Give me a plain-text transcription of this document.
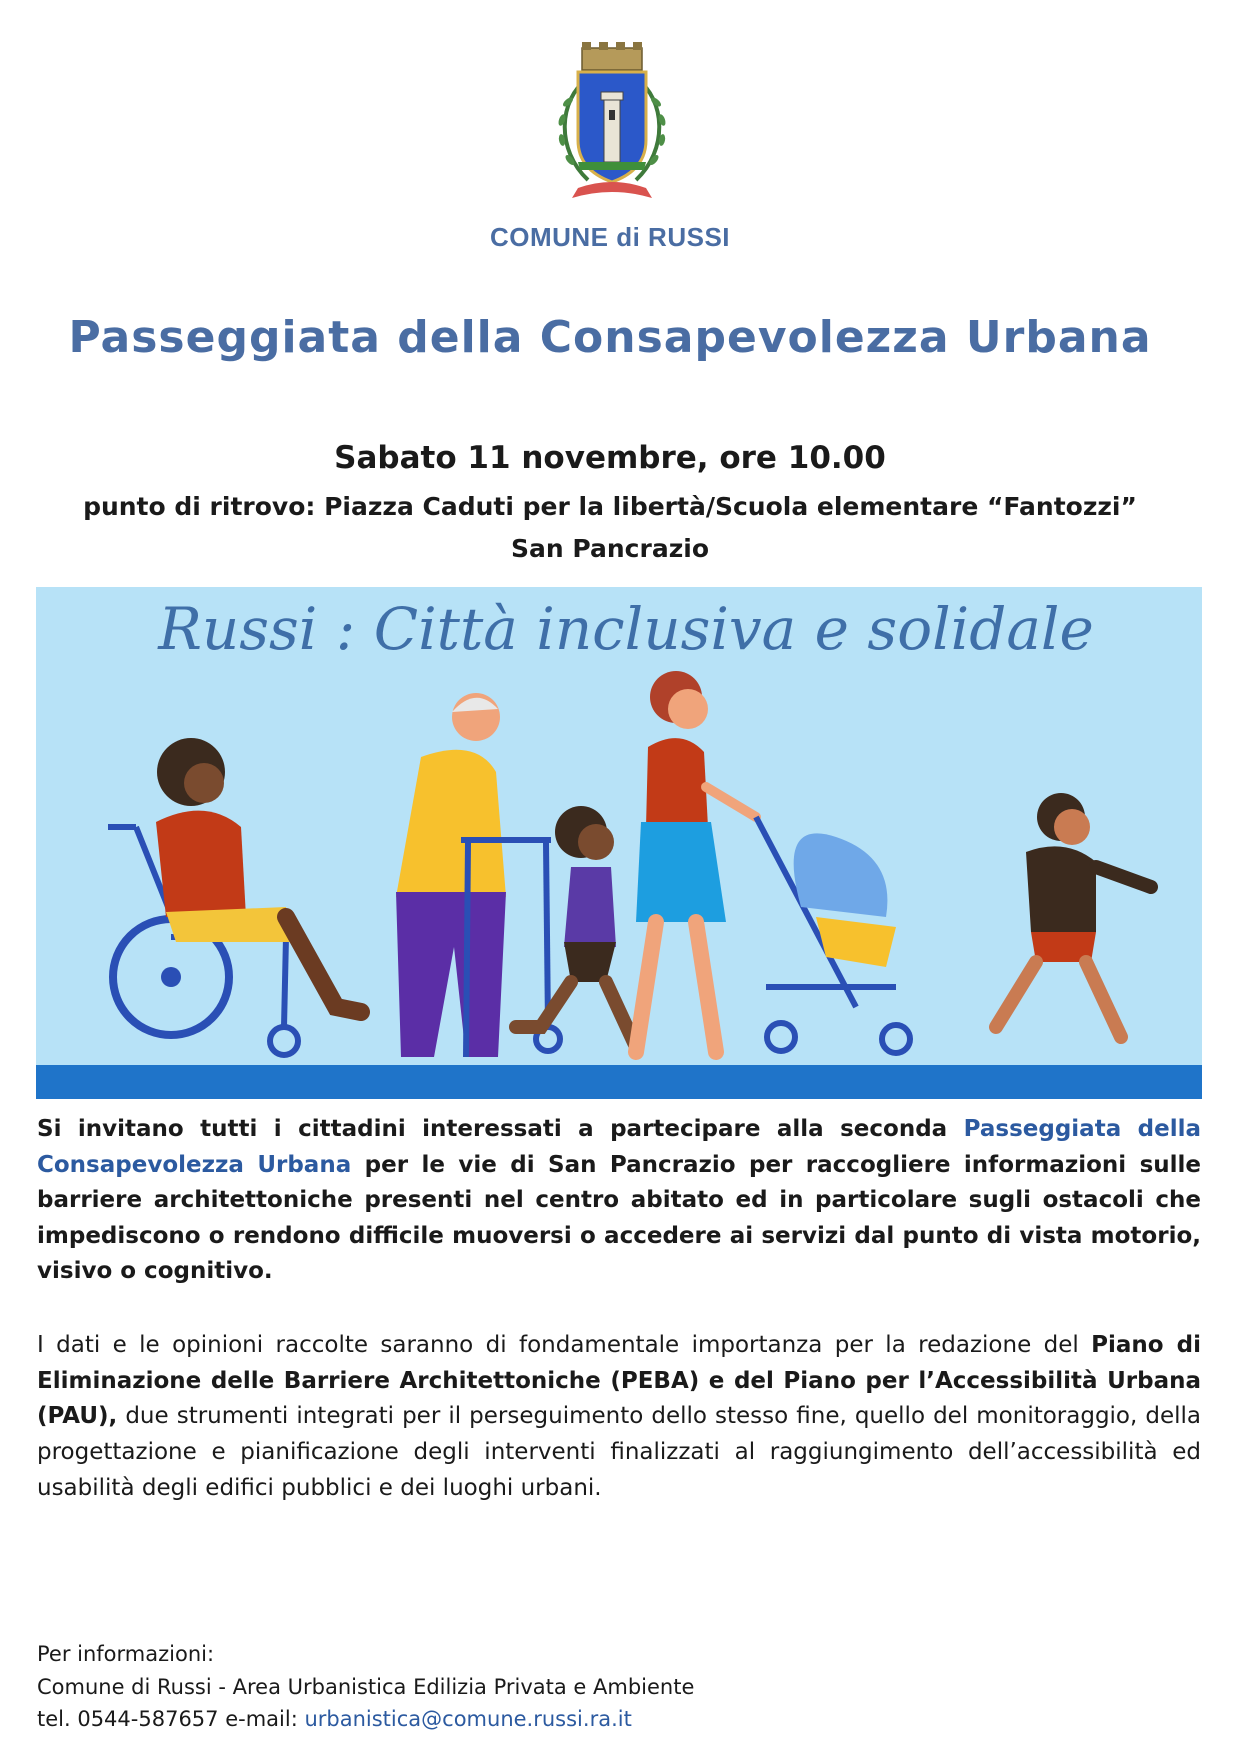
COMUNE di RUSSI
Passeggiata della Consapevolezza Urbana
Sabato 11 novembre, ore 10.00
punto di ritrovo: Piazza Caduti per la libertà/Scuola elementare “Fantozzi”
San Pancrazio
Russi : Città inclusiva e solidale

Si invitano tutti i cittadini interessati a partecipare alla seconda Passeggiata della Consapevolezza Urbana per le vie di San Pancrazio per raccogliere informazioni sulle barriere architettoniche presenti nel centro abitato ed in particolare sugli ostacoli che impediscono o rendono difficile muoversi o accedere ai servizi dal punto di vista motorio, visivo o cognitivo.

I dati e le opinioni raccolte saranno di fondamentale importanza per la redazione del Piano di Eliminazione delle Barriere Architettoniche (PEBA) e del Piano per l’Accessibilità Urbana (PAU), due strumenti integrati per il perseguimento dello stesso fine, quello del monitoraggio, della progettazione e pianificazione degli interventi finalizzati al raggiungimento dell’accessibilità ed usabilità degli edifici pubblici e dei luoghi urbani.

Per informazioni:
Comune di Russi - Area Urbanistica Edilizia Privata e Ambiente
tel. 0544-587657 e-mail: urbanistica@comune.russi.ra.it
